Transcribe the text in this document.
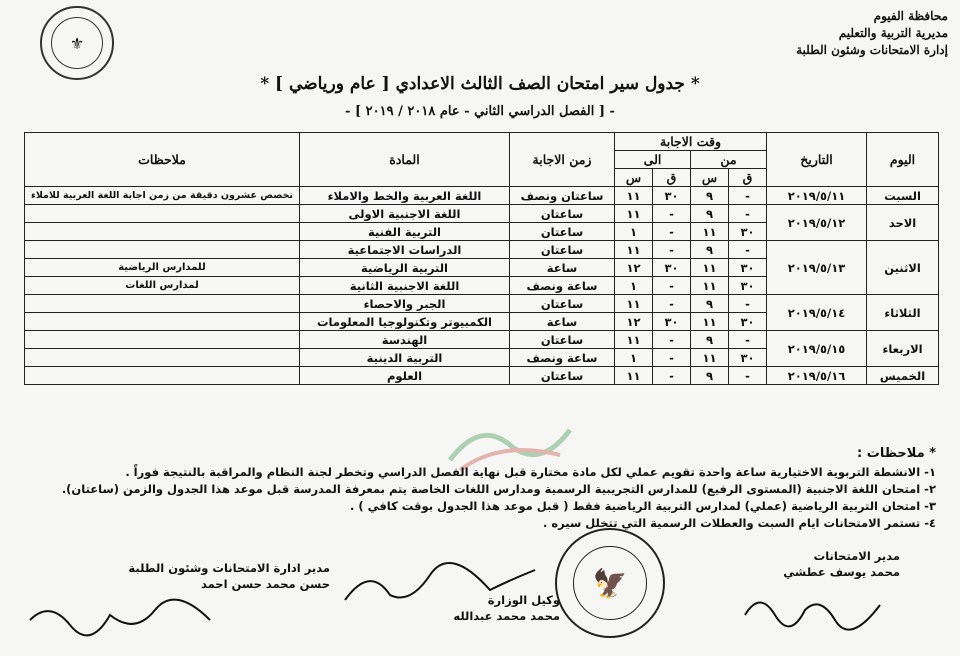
محافظة الفيوم
مديرية التربية والتعليم
إدارة الامتحانات وشئون الطلبة
⚜
* جدول سير امتحان الصف الثالث الاعدادي [ عام ورياضي ] *
- [ الفصل الدراسي الثاني - عام ٢٠١٨ / ٢٠١٩ ] -
اليوم	التاريخ	وقت الاجابة				زمن الاجابة	المادة	ملاحظات
		من		الى				
		ق	س	ق	س			
السبت	٢٠١٩/٥/١١	-	٩	٣٠	١١	ساعتان ونصف	اللغة العربية والخط والاملاء	تخصص عشرون دقيقة من زمن اجابة اللغة العربية للاملاء
الاحد	٢٠١٩/٥/١٢	-	٩	-	١١	ساعتان	اللغة الاجنبية الاولى	
		٣٠	١١	-	١	ساعتان	التربية الفنية	
الاثنين	٢٠١٩/٥/١٣	-	٩	-	١١	ساعتان	الدراسات الاجتماعية	
		٣٠	١١	٣٠	١٢	ساعة	التربية الرياضية	للمدارس الرياضية
		٣٠	١١	-	١	ساعة ونصف	اللغة الاجنبية الثانية	لمدارس اللغات
الثلاثاء	٢٠١٩/٥/١٤	-	٩	-	١١	ساعتان	الجبر والاحصاء	
		٣٠	١١	٣٠	١٢	ساعة	الكمبيوتر وتكنولوجيا المعلومات	
الاربعاء	٢٠١٩/٥/١٥	-	٩	-	١١	ساعتان	الهندسة	
		٣٠	١١	-	١	ساعة ونصف	التربية الدينية	
الخميس	٢٠١٩/٥/١٦	-	٩	-	١١	ساعتان	العلوم	
* ملاحظات :
١- الانشطة التربوية الاختيارية ساعة واحدة تقويم عملي لكل مادة مختارة قبل نهاية الفصل الدراسي وتخطر لجنة النظام والمراقبة بالنتيجة فوراً .
٢- امتحان اللغة الاجنبية (المستوى الرفيع) للمدارس التجريبية الرسمية ومدارس اللغات الخاصة يتم بمعرفة المدرسة قبل موعد هذا الجدول والزمن (ساعتان).
٣- امتحان التربية الرياضية (عملي) لمدارس التربية الرياضية فقط ( قبل موعد هذا الجدول بوقت كافي ) .
٤- تستمر الامتحانات ايام السبت والعطلات الرسمية التي تتخلل سيره .
مدير الامتحانات
محمد يوسف عطشي
🦅
وكيل الوزارة
محمد محمد عبدالله
مدير ادارة الامتحانات وشئون الطلبة
حسن محمد حسن احمد
